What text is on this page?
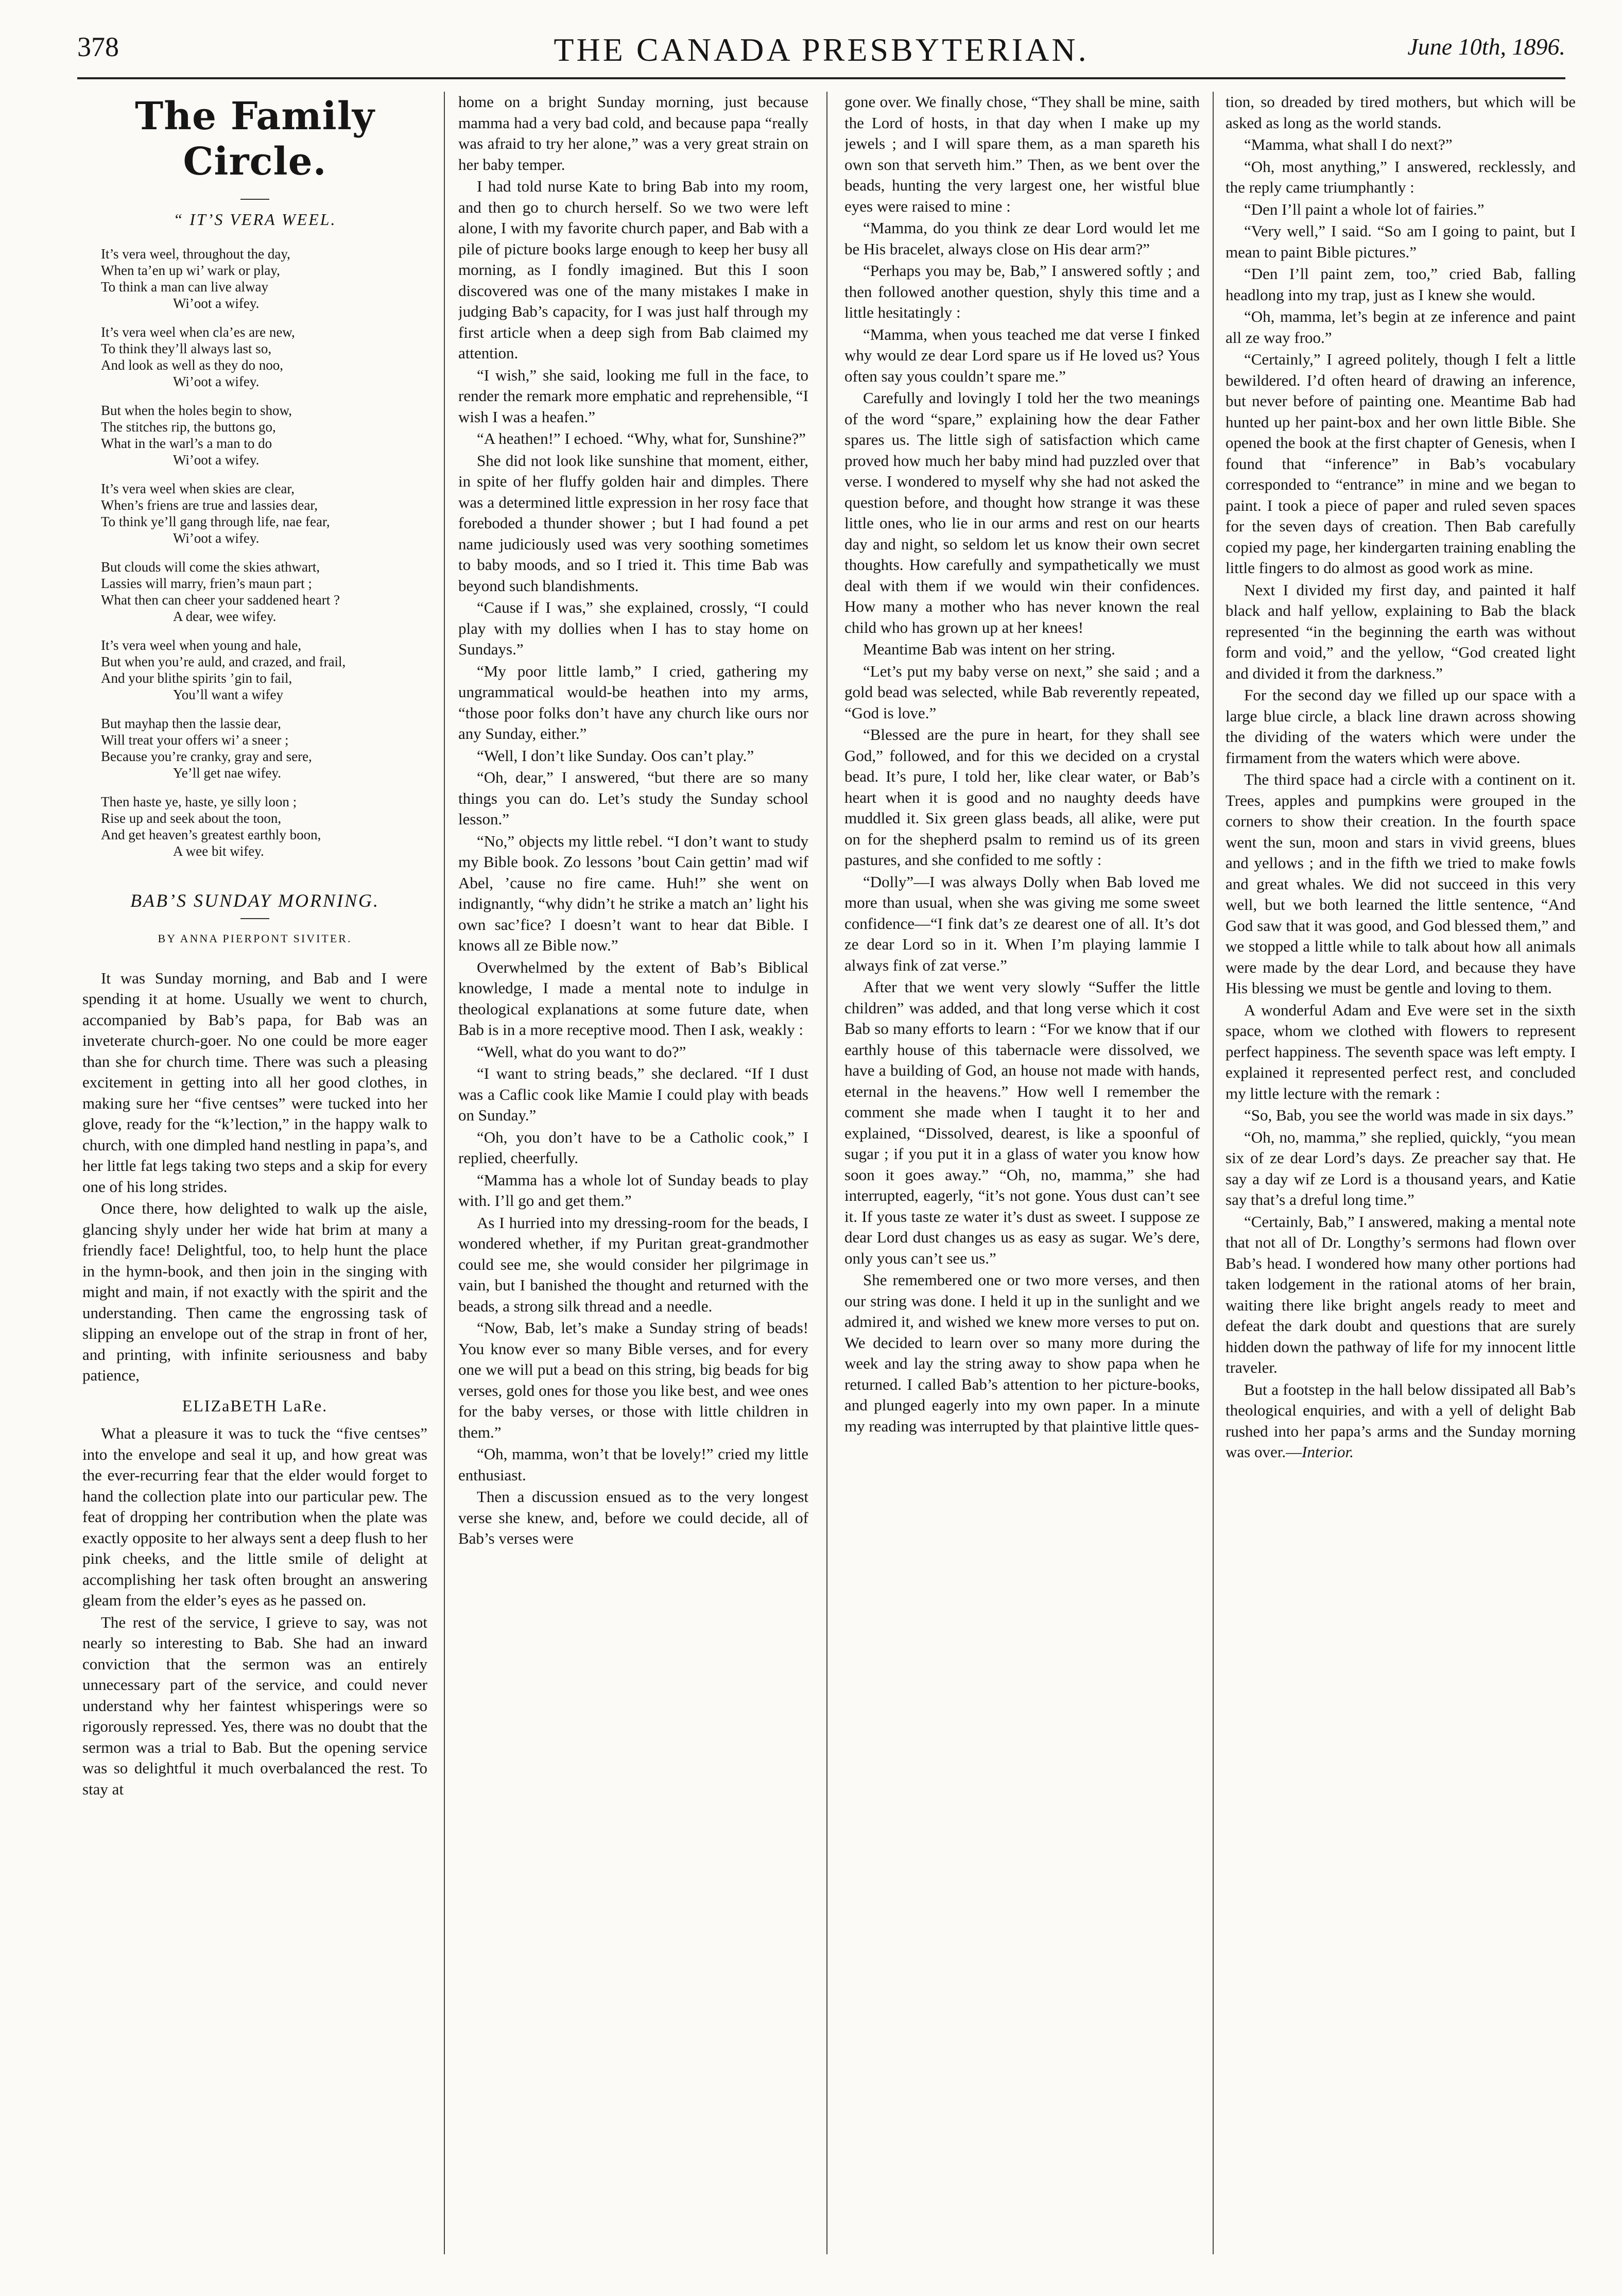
378	THE CANADA PRESBYTERIAN.	June 10th, 1896.
The Family Circle.
“ IT’S VERA WEEL.
It’s vera weel, throughout the day,
When ta’en up wi’ wark or play,
To think a man can live alway
Wi’oot a wifey.
It’s vera weel when cla’es are new,
To think they’ll always last so,
And look as well as they do noo,
Wi’oot a wifey.
But when the holes begin to show,
The stitches rip, the buttons go,
What in the warl’s a man to do
Wi’oot a wifey.
It’s vera weel when skies are clear,
When’s friens are true and lassies dear,
To think ye’ll gang through life, nae fear,
Wi’oot a wifey.
But clouds will come the skies athwart,
Lassies will marry, frien’s maun part ;
What then can cheer your saddened heart ?
A dear, wee wifey.
It’s vera weel when young and hale,
But when you’re auld, and crazed, and frail,
And your blithe spirits ’gin to fail,
You’ll want a wifey
But mayhap then the lassie dear,
Will treat your offers wi’ a sneer ;
Because you’re cranky, gray and sere,
Ye’ll get nae wifey.
Then haste ye, haste, ye silly loon ;
Rise up and seek about the toon,
And get heaven’s greatest earthly boon,
A wee bit wifey.
BAB’S SUNDAY MORNING.
BY ANNA PIERPONT SIVITER.

It was Sunday morning, and Bab and I were spending it at home. Usually we went to church, accompanied by Bab’s papa, for Bab was an inveterate church-goer. No one could be more eager than she for church time. There was such a pleasing excitement in getting into all her good clothes, in making sure her “five centses” were tucked into her glove, ready for the “k’lection,” in the happy walk to church, with one dimpled hand nestling in papa’s, and her little fat legs taking two steps and a skip for every one of his long strides.

Once there, how delighted to walk up the aisle, glancing shyly under her wide hat brim at many a friendly face! Delightful, too, to help hunt the place in the hymn-book, and then join in the singing with might and main, if not exactly with the spirit and the understanding. Then came the engrossing task of slipping an envelope out of the strap in front of her, and printing, with infinite seriousness and baby patience,

ELIZaBETH LaRe.

What a pleasure it was to tuck the “five centses” into the envelope and seal it up, and how great was the ever-recurring fear that the elder would forget to hand the collection plate into our particular pew. The feat of dropping her contribution when the plate was exactly opposite to her always sent a deep flush to her pink cheeks, and the little smile of delight at accomplishing her task often brought an answering gleam from the elder’s eyes as he passed on.

The rest of the service, I grieve to say, was not nearly so interesting to Bab. She had an inward conviction that the sermon was an entirely unnecessary part of the service, and could never understand why her faintest whisperings were so rigorously repressed. Yes, there was no doubt that the sermon was a trial to Bab. But the opening service was so delightful it much overbalanced the rest. To stay at

home on a bright Sunday morning, just because mamma had a very bad cold, and because papa “really was afraid to try her alone,” was a very great strain on her baby temper.

I had told nurse Kate to bring Bab into my room, and then go to church herself. So we two were left alone, I with my favorite church paper, and Bab with a pile of picture books large enough to keep her busy all morning, as I fondly imagined. But this I soon discovered was one of the many mistakes I make in judging Bab’s capacity, for I was just half through my first article when a deep sigh from Bab claimed my attention.

“I wish,” she said, looking me full in the face, to render the remark more emphatic and reprehensible, “I wish I was a heafen.”

“A heathen!” I echoed. “Why, what for, Sunshine?”

She did not look like sunshine that moment, either, in spite of her fluffy golden hair and dimples. There was a determined little expression in her rosy face that foreboded a thunder shower ; but I had found a pet name judiciously used was very soothing sometimes to baby moods, and so I tried it. This time Bab was beyond such blandishments.

“Cause if I was,” she explained, crossly, “I could play with my dollies when I has to stay home on Sundays.”

“My poor little lamb,” I cried, gathering my ungrammatical would-be heathen into my arms, “those poor folks don’t have any church like ours nor any Sunday, either.”

“Well, I don’t like Sunday. Oos can’t play.”

“Oh, dear,” I answered, “but there are so many things you can do. Let’s study the Sunday school lesson.”

“No,” objects my little rebel. “I don’t want to study my Bible book. Zo lessons ’bout Cain gettin’ mad wif Abel, ’cause no fire came. Huh!” she went on indignantly, “why didn’t he strike a match an’ light his own sac’fice? I doesn’t want to hear dat Bible. I knows all ze Bible now.”

Overwhelmed by the extent of Bab’s Biblical knowledge, I made a mental note to indulge in theological explanations at some future date, when Bab is in a more receptive mood. Then I ask, weakly :

“Well, what do you want to do?”

“I want to string beads,” she declared. “If I dust was a Caflic cook like Mamie I could play with beads on Sunday.”

“Oh, you don’t have to be a Catholic cook,” I replied, cheerfully.

“Mamma has a whole lot of Sunday beads to play with. I’ll go and get them.”

As I hurried into my dressing-room for the beads, I wondered whether, if my Puritan great-grandmother could see me, she would consider her pilgrimage in vain, but I banished the thought and returned with the beads, a strong silk thread and a needle.

“Now, Bab, let’s make a Sunday string of beads! You know ever so many Bible verses, and for every one we will put a bead on this string, big beads for big verses, gold ones for those you like best, and wee ones for the baby verses, or those with little children in them.”

“Oh, mamma, won’t that be lovely!” cried my little enthusiast.

Then a discussion ensued as to the very longest verse she knew, and, before we could decide, all of Bab’s verses were

gone over. We finally chose, “They shall be mine, saith the Lord of hosts, in that day when I make up my jewels ; and I will spare them, as a man spareth his own son that serveth him.” Then, as we bent over the beads, hunting the very largest one, her wistful blue eyes were raised to mine :

“Mamma, do you think ze dear Lord would let me be His bracelet, always close on His dear arm?”

“Perhaps you may be, Bab,” I answered softly ; and then followed another question, shyly this time and a little hesitatingly :

“Mamma, when yous teached me dat verse I finked why would ze dear Lord spare us if He loved us? Yous often say yous couldn’t spare me.”

Carefully and lovingly I told her the two meanings of the word “spare,” explaining how the dear Father spares us. The little sigh of satisfaction which came proved how much her baby mind had puzzled over that verse. I wondered to myself why she had not asked the question before, and thought how strange it was these little ones, who lie in our arms and rest on our hearts day and night, so seldom let us know their own secret thoughts. How carefully and sympathetically we must deal with them if we would win their confidences. How many a mother who has never known the real child who has grown up at her knees!

Meantime Bab was intent on her string.

“Let’s put my baby verse on next,” she said ; and a gold bead was selected, while Bab reverently repeated, “God is love.”

“Blessed are the pure in heart, for they shall see God,” followed, and for this we decided on a crystal bead. It’s pure, I told her, like clear water, or Bab’s heart when it is good and no naughty deeds have muddled it. Six green glass beads, all alike, were put on for the shepherd psalm to remind us of its green pastures, and she confided to me softly :

“Dolly”—I was always Dolly when Bab loved me more than usual, when she was giving me some sweet confidence—“I fink dat’s ze dearest one of all. It’s dot ze dear Lord so in it. When I’m playing lammie I always fink of zat verse.”

After that we went very slowly “Suffer the little children” was added, and that long verse which it cost Bab so many efforts to learn : “For we know that if our earthly house of this tabernacle were dissolved, we have a building of God, an house not made with hands, eternal in the heavens.” How well I remember the comment she made when I taught it to her and explained, “Dissolved, dearest, is like a spoonful of sugar ; if you put it in a glass of water you know how soon it goes away.” “Oh, no, mamma,” she had interrupted, eagerly, “it’s not gone. Yous dust can’t see it. If yous taste ze water it’s dust as sweet. I suppose ze dear Lord dust changes us as easy as sugar. We’s dere, only yous can’t see us.”

She remembered one or two more verses, and then our string was done. I held it up in the sunlight and we admired it, and wished we knew more verses to put on. We decided to learn over so many more during the week and lay the string away to show papa when he returned. I called Bab’s attention to her picture-books, and plunged eagerly into my own paper. In a minute my reading was interrupted by that plaintive little ques-

tion, so dreaded by tired mothers, but which will be asked as long as the world stands.

“Mamma, what shall I do next?”

“Oh, most anything,” I answered, recklessly, and the reply came triumphantly :

“Den I’ll paint a whole lot of fairies.”

“Very well,” I said. “So am I going to paint, but I mean to paint Bible pictures.”

“Den I’ll paint zem, too,” cried Bab, falling headlong into my trap, just as I knew she would.

“Oh, mamma, let’s begin at ze inference and paint all ze way froo.”

“Certainly,” I agreed politely, though I felt a little bewildered. I’d often heard of drawing an inference, but never before of painting one. Meantime Bab had hunted up her paint-box and her own little Bible. She opened the book at the first chapter of Genesis, when I found that “inference” in Bab’s vocabulary corresponded to “entrance” in mine and we began to paint. I took a piece of paper and ruled seven spaces for the seven days of creation. Then Bab carefully copied my page, her kindergarten training enabling the little fingers to do almost as good work as mine.

Next I divided my first day, and painted it half black and half yellow, explaining to Bab the black represented “in the beginning the earth was without form and void,” and the yellow, “God created light and divided it from the darkness.”

For the second day we filled up our space with a large blue circle, a black line drawn across showing the dividing of the waters which were under the firmament from the waters which were above.

The third space had a circle with a continent on it. Trees, apples and pumpkins were grouped in the corners to show their creation. In the fourth space went the sun, moon and stars in vivid greens, blues and yellows ; and in the fifth we tried to make fowls and great whales. We did not succeed in this very well, but we both learned the little sentence, “And God saw that it was good, and God blessed them,” and we stopped a little while to talk about how all animals were made by the dear Lord, and because they have His blessing we must be gentle and loving to them.

A wonderful Adam and Eve were set in the sixth space, whom we clothed with flowers to represent perfect happiness. The seventh space was left empty. I explained it represented perfect rest, and concluded my little lecture with the remark :

“So, Bab, you see the world was made in six days.”

“Oh, no, mamma,” she replied, quickly, “you mean six of ze dear Lord’s days. Ze preacher say that. He say a day wif ze Lord is a thousand years, and Katie say that’s a dreful long time.”

“Certainly, Bab,” I answered, making a mental note that not all of Dr. Longthy’s sermons had flown over Bab’s head. I wondered how many other portions had taken lodgement in the rational atoms of her brain, waiting there like bright angels ready to meet and defeat the dark doubt and questions that are surely hidden down the pathway of life for my innocent little traveler.

But a footstep in the hall below dissipated all Bab’s theological enquiries, and with a yell of delight Bab rushed into her papa’s arms and the Sunday morning was over.—Interior.
